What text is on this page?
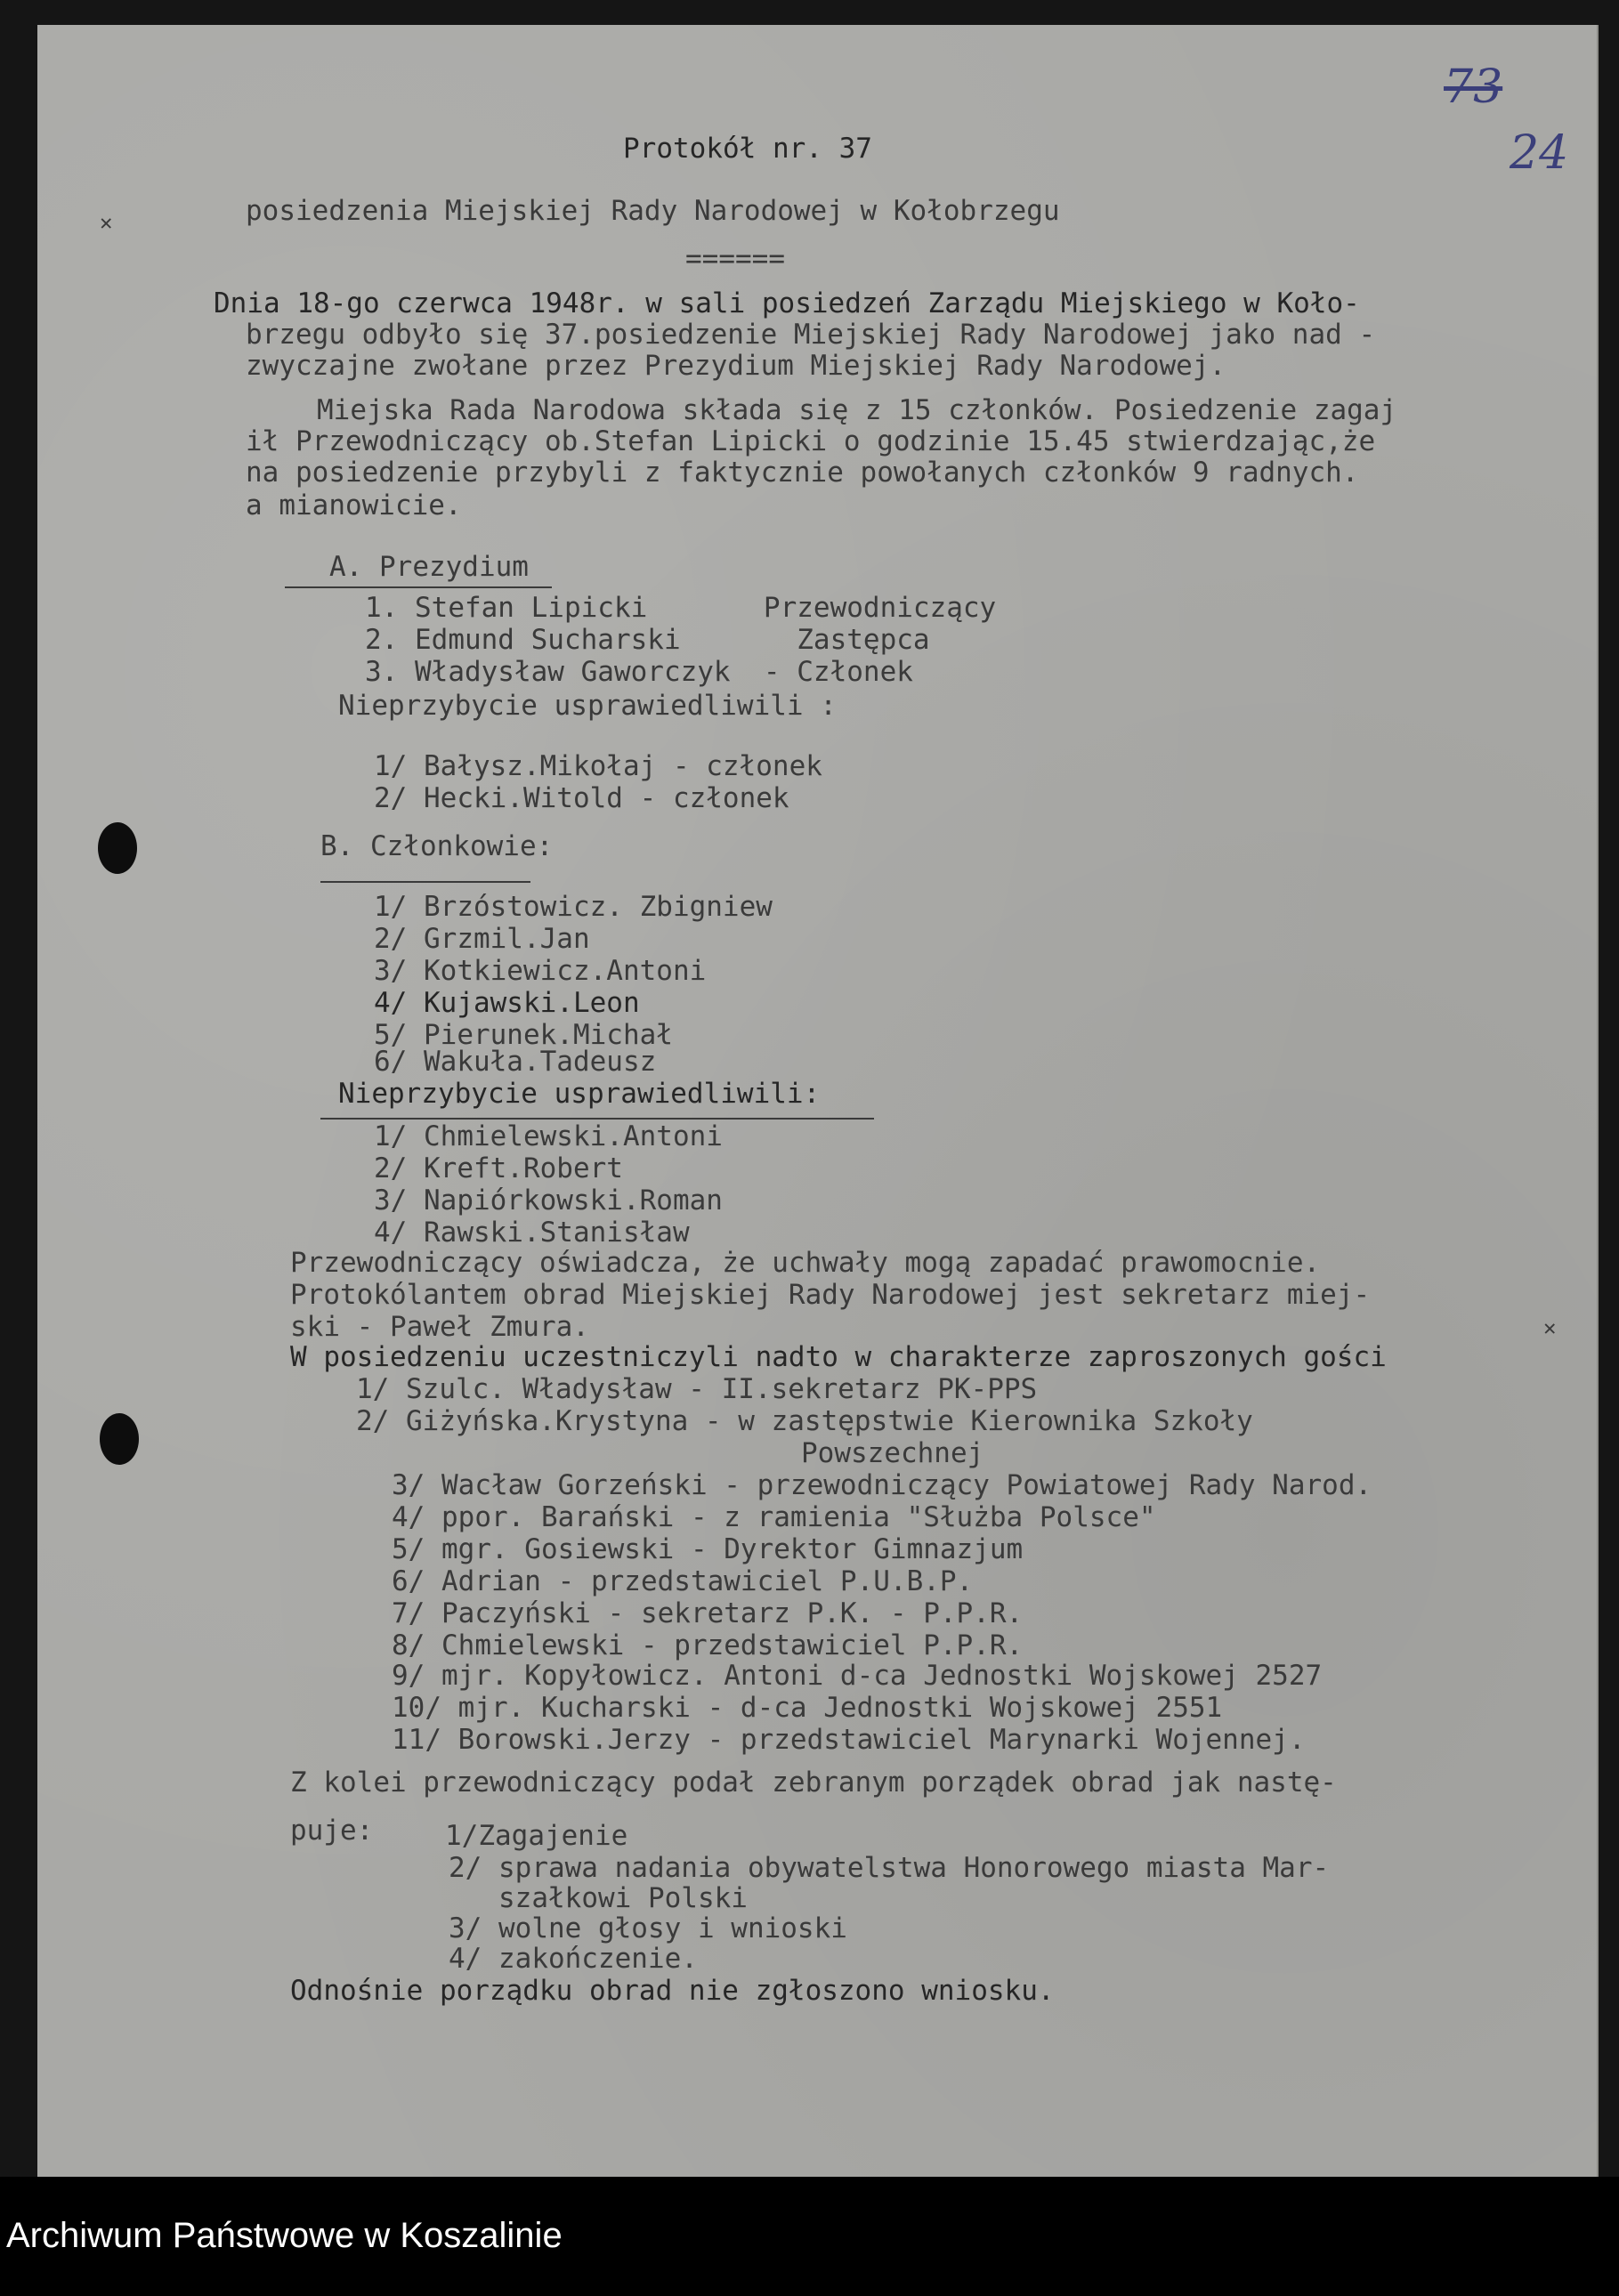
✕
✕
73
24
Protokół nr. 37
posiedzenia Miejskiej Rady Narodowej w Kołobrzegu
======
Dnia 18-go czerwca 1948r. w sali posiedzeń Zarządu Miejskiego w Koło-
brzegu odbyło się 37.posiedzenie Miejskiej Rady Narodowej jako nad -
zwyczajne zwołane przez Prezydium Miejskiej Rady Narodowej.
Miejska Rada Narodowa składa się z 15 członków. Posiedzenie zagaj
ił Przewodniczący ob.Stefan Lipicki o godzinie 15.45 stwierdzając,że
na posiedzenie przybyli z faktycznie powołanych członków 9 radnych.
a mianowicie.
A. Prezydium
1. Stefan Lipicki       Przewodniczący
2. Edmund Sucharski       Zastępca
3. Władysław Gaworczyk  - Członek
Nieprzybycie usprawiedliwili :
1/ Bałysz.Mikołaj - członek
2/ Hecki.Witold - członek
B. Członkowie:
1/ Brzóstowicz. Zbigniew
2/ Grzmil.Jan
3/ Kotkiewicz.Antoni
4/ Kujawski.Leon
5/ Pierunek.Michał
6/ Wakuła.Tadeusz
Nieprzybycie usprawiedliwili:
1/ Chmielewski.Antoni
2/ Kreft.Robert
3/ Napiórkowski.Roman
4/ Rawski.Stanisław
Przewodniczący oświadcza, że uchwały mogą zapadać prawomocnie.
Protokólantem obrad Miejskiej Rady Narodowej jest sekretarz miej-
ski - Paweł Zmura.
W posiedzeniu uczestniczyli nadto w charakterze zaproszonych gości
1/ Szulc. Władysław - II.sekretarz PK-PPS
2/ Giżyńska.Krystyna - w zastępstwie Kierownika Szkoły
Powszechnej
3/ Wacław Gorzeński - przewodniczący Powiatowej Rady Narod.
4/ ppor. Barański - z ramienia "Służba Polsce"
5/ mgr. Gosiewski - Dyrektor Gimnazjum
6/ Adrian - przedstawiciel P.U.B.P.
7/ Paczyński - sekretarz P.K. - P.P.R.
8/ Chmielewski - przedstawiciel P.P.R.
9/ mjr. Kopyłowicz. Antoni d-ca Jednostki Wojskowej 2527
10/ mjr. Kucharski - d-ca Jednostki Wojskowej 2551
11/ Borowski.Jerzy - przedstawiciel Marynarki Wojennej.
Z kolei przewodniczący podał zebranym porządek obrad jak nastę-
puje:	1/Zagajenie
2/ sprawa nadania obywatelstwa Honorowego miasta Mar-
szałkowi Polski
3/ wolne głosy i wnioski
4/ zakończenie.
Odnośnie porządku obrad nie zgłoszono wniosku.
Archiwum Państwowe w Koszalinie
